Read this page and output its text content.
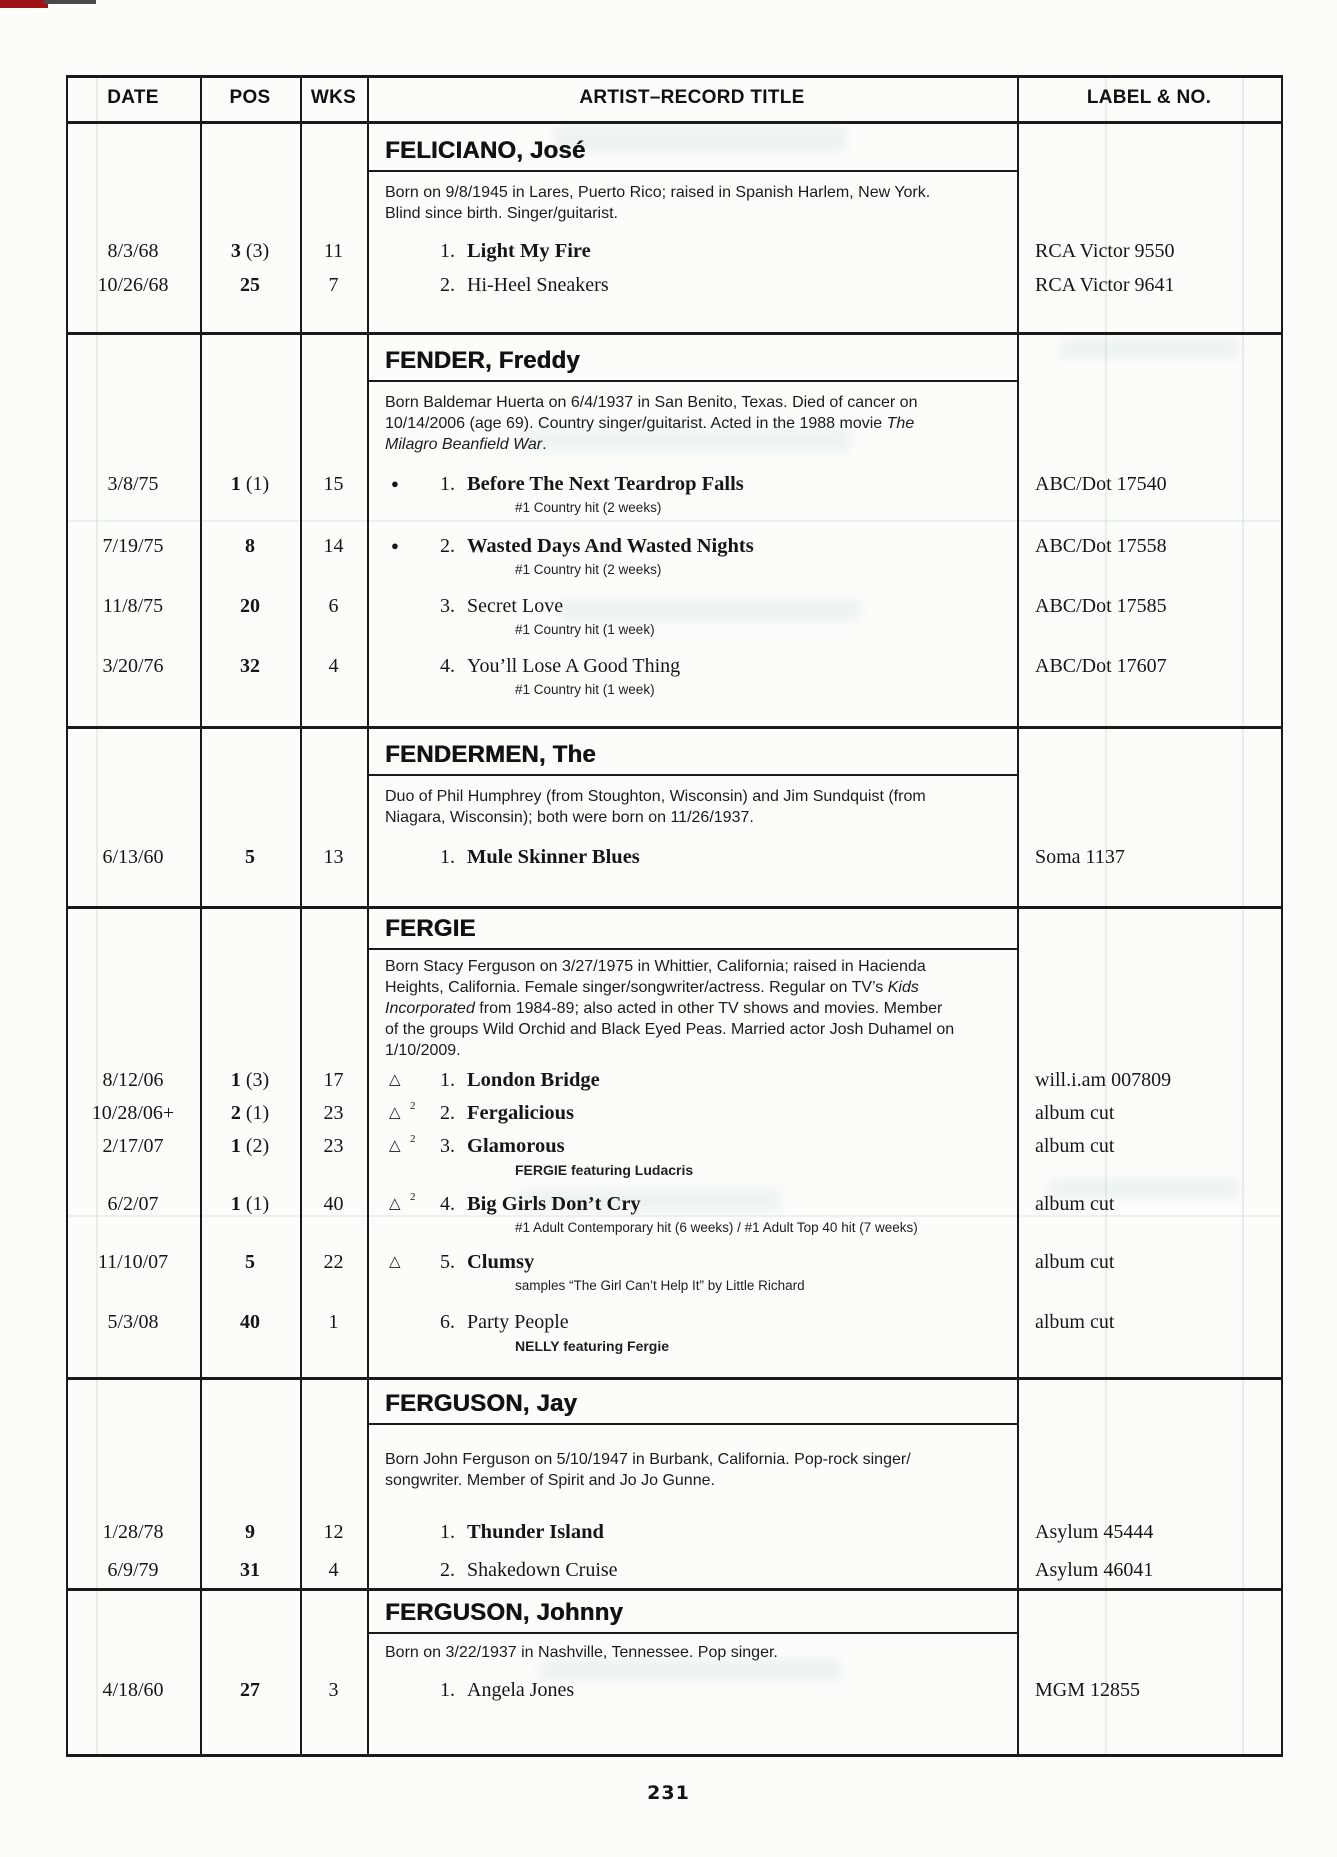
DATE	POS	WKS	ARTIST–RECORD TITLE	LABEL & NO.
FELICIANO, José
Born on 9/8/1945 in Lares, Puerto Rico; raised in Spanish Harlem, New York.
Blind since birth. Singer/guitarist.
8/3/68	3 (3)	11	1. Light My Fire	RCA Victor 9550
10/26/68	25	7	2. Hi-Heel Sneakers	RCA Victor 9641
FENDER, Freddy
Born Baldemar Huerta on 6/4/1937 in San Benito, Texas. Died of cancer on
10/14/2006 (age 69). Country singer/guitarist. Acted in the 1988 movie The
Milagro Beanfield War.
3/8/75	1 (1)	15	●	1. Before The Next Teardrop Falls	ABC/Dot 17540
#1 Country hit (2 weeks)
7/19/75	8	14	●	2. Wasted Days And Wasted Nights	ABC/Dot 17558
#1 Country hit (2 weeks)
11/8/75	20	6	3. Secret Love	ABC/Dot 17585
#1 Country hit (1 week)
3/20/76	32	4	4. You’ll Lose A Good Thing	ABC/Dot 17607
#1 Country hit (1 week)
FENDERMEN, The
Duo of Phil Humphrey (from Stoughton, Wisconsin) and Jim Sundquist (from
Niagara, Wisconsin); both were born on 11/26/1937.
6/13/60	5	13	1. Mule Skinner Blues	Soma 1137
FERGIE
Born Stacy Ferguson on 3/27/1975 in Whittier, California; raised in Hacienda
Heights, California. Female singer/songwriter/actress. Regular on TV’s Kids
Incorporated from 1984-89; also acted in other TV shows and movies. Member
of the groups Wild Orchid and Black Eyed Peas. Married actor Josh Duhamel on
1/10/2009.
8/12/06	1 (3)	17	△	1. London Bridge	will.i.am 007809
10/28/06+	2 (1)	23	△ 2	2. Fergalicious	album cut
2/17/07	1 (2)	23	△ 2	3. Glamorous	album cut
FERGIE featuring Ludacris
6/2/07	1 (1)	40	△ 2	4. Big Girls Don’t Cry	album cut
#1 Adult Contemporary hit (6 weeks) / #1 Adult Top 40 hit (7 weeks)
11/10/07	5	22	△	5. Clumsy	album cut
samples “The Girl Can’t Help It” by Little Richard
5/3/08	40	1	6. Party People	album cut
NELLY featuring Fergie
FERGUSON, Jay
Born John Ferguson on 5/10/1947 in Burbank, California. Pop-rock singer/
songwriter. Member of Spirit and Jo Jo Gunne.
1/28/78	9	12	1. Thunder Island	Asylum 45444
6/9/79	31	4	2. Shakedown Cruise	Asylum 46041
FERGUSON, Johnny
Born on 3/22/1937 in Nashville, Tennessee. Pop singer.
4/18/60	27	3	1. Angela Jones	MGM 12855
231
